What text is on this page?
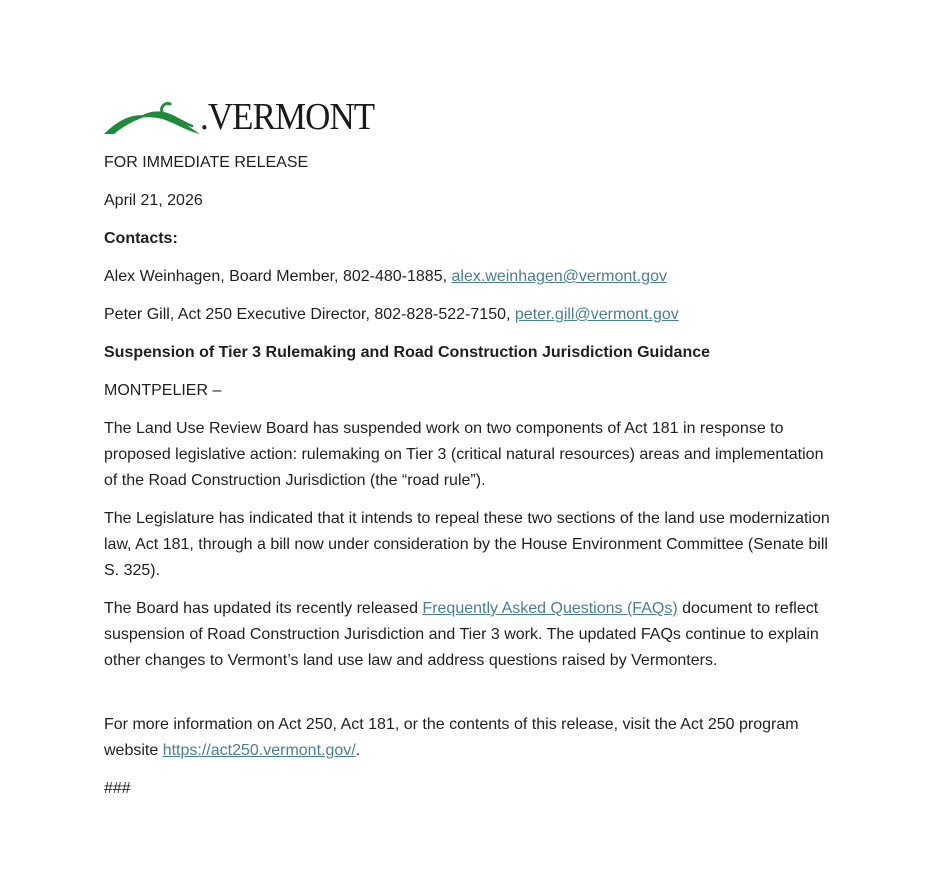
.VERMONT

FOR IMMEDIATE RELEASE

April 21, 2026

Contacts:

Alex Weinhagen, Board Member, 802-480-1885, alex.weinhagen@vermont.gov

Peter Gill, Act 250 Executive Director, 802-828-522-7150, peter.gill@vermont.gov

Suspension of Tier 3 Rulemaking and Road Construction Jurisdiction Guidance

MONTPELIER –

The Land Use Review Board has suspended work on two components of Act 181 in response to proposed legislative action: rulemaking on Tier 3 (critical natural resources) areas and implementation of the Road Construction Jurisdiction (the “road rule”).

The Legislature has indicated that it intends to repeal these two sections of the land use modernization law, Act 181, through a bill now under consideration by the House Environment Committee (Senate bill S. 325).

The Board has updated its recently released Frequently Asked Questions (FAQs) document to reflect suspension of Road Construction Jurisdiction and Tier 3 work. The updated FAQs continue to explain other changes to Vermont’s land use law and address questions raised by Vermonters.

For more information on Act 250, Act 181, or the contents of this release, visit the Act 250 program website https://act250.vermont.gov/.

###
